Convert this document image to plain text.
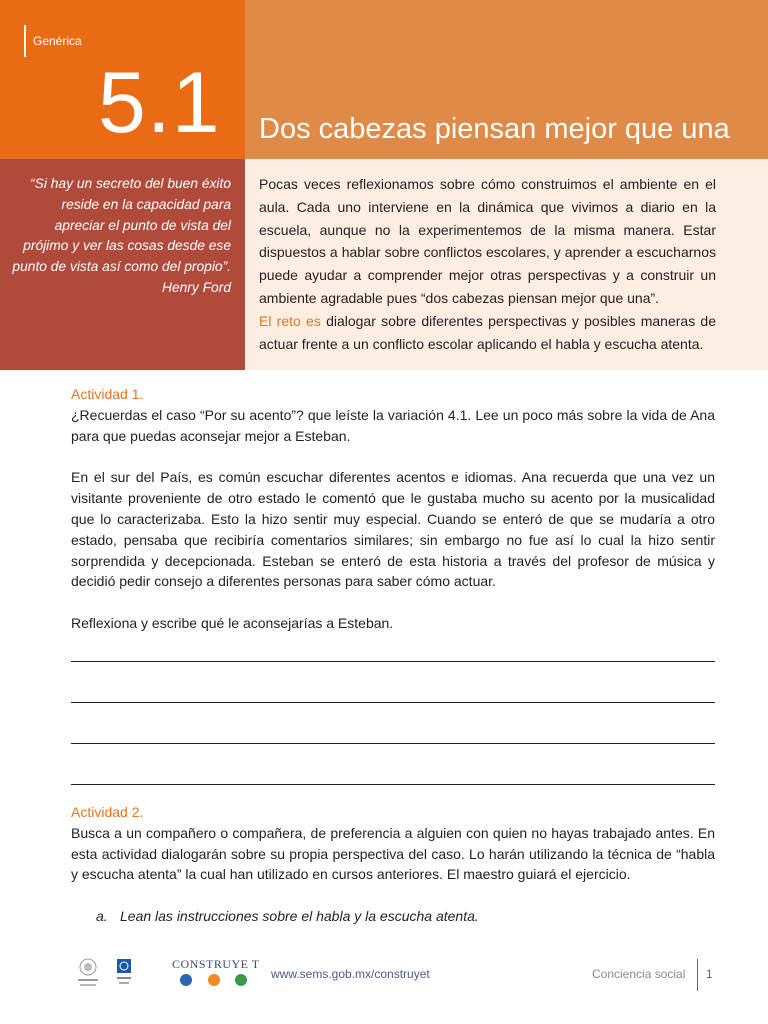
Genérica
5.1 Dos cabezas piensan mejor que una
“Si hay un secreto del buen éxito
reside en la capacidad para
apreciar el punto de vista del
prójimo y ver las cosas desde ese
punto de vista así como del propio”.
Henry Ford
Pocas veces reflexionamos sobre cómo construimos el ambiente en el aula. Cada uno interviene en la dinámica que vivimos a diario en la escuela, aunque no la experimentemos de la misma manera. Estar dispuestos a hablar sobre conflictos escolares, y aprender a escucharnos puede ayudar a comprender mejor otras perspectivas y a construir un ambiente agradable pues “dos cabezas piensan mejor que una”.
El reto es dialogar sobre diferentes perspectivas y posibles maneras de actuar frente a un conflicto escolar aplicando el habla y escucha atenta.
Actividad 1.

¿Recuerdas el caso “Por su acento”? que leíste la variación 4.1. Lee un poco más sobre la vida de Ana para que puedas aconsejar mejor a Esteban.

En el sur del País, es común escuchar diferentes acentos e idiomas. Ana recuerda que una vez un visitante proveniente de otro estado le comentó que le gustaba mucho su acento por la musicalidad que lo caracterizaba. Esto la hizo sentir muy especial. Cuando se enteró de que se mudaría a otro estado, pensaba que recibiría comentarios similares; sin embargo no fue así lo cual la hizo sentir sorprendida y decepcionada. Esteban se enteró de esta historia a través del profesor de música y decidió pedir consejo a diferentes personas para saber cómo actuar.

Reflexiona y escribe qué le aconsejarías a Esteban.

Actividad 2.

Busca a un compañero o compañera, de preferencia a alguien con quien no hayas trabajado antes. En esta actividad dialogarán sobre su propia perspectiva del caso. Lo harán utilizando la técnica de “habla y escucha atenta” la cual han utilizado en cursos anteriores. El maestro guiará el ejercicio.

a. Lean las instrucciones sobre el habla y la escucha atenta.

CONSTRUYE T
www.sems.gob.mx/construyet	Conciencia social 1
